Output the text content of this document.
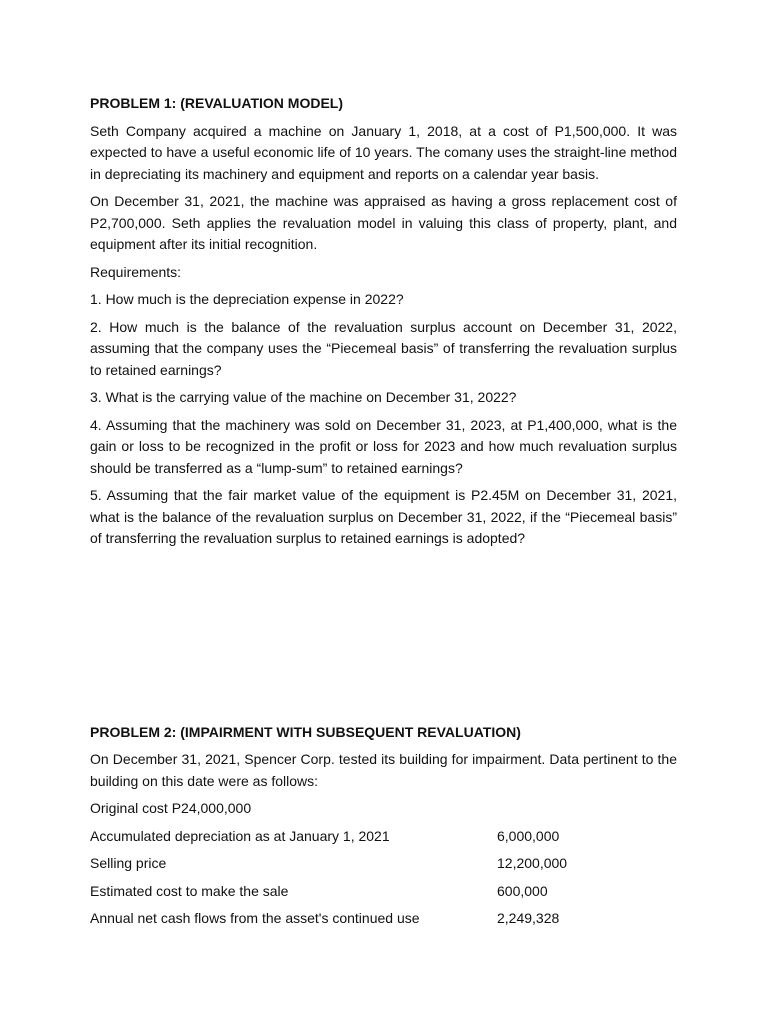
PROBLEM 1: (REVALUATION MODEL)

Seth Company acquired a machine on January 1, 2018, at a cost of P1,500,000. It was expected to have a useful economic life of 10 years. The comany uses the straight-line method in depreciating its machinery and equipment and reports on a calendar year basis.

On December 31, 2021, the machine was appraised as having a gross replacement cost of P2,700,000. Seth applies the revaluation model in valuing this class of property, plant, and equipment after its initial recognition.

Requirements:

1. How much is the depreciation expense in 2022?

2. How much is the balance of the revaluation surplus account on December 31, 2022, assuming that the company uses the “Piecemeal basis” of transferring the revaluation surplus to retained earnings?

3. What is the carrying value of the machine on December 31, 2022?

4. Assuming that the machinery was sold on December 31, 2023, at P1,400,000, what is the gain or loss to be recognized in the profit or loss for 2023 and how much revaluation surplus should be transferred as a “lump-sum” to retained earnings?

5. Assuming that the fair market value of the equipment is P2.45M on December 31, 2021, what is the balance of the revaluation surplus on December 31, 2022, if the “Piecemeal basis” of transferring the revaluation surplus to retained earnings is adopted?

PROBLEM 2: (IMPAIRMENT WITH SUBSEQUENT REVALUATION)

On December 31, 2021, Spencer Corp. tested its building for impairment. Data pertinent to the building on this date were as follows:

Original cost P24,000,000

Accumulated depreciation as at January 1, 2021	6,000,000
Selling price	12,200,000
Estimated cost to make the sale	600,000
Annual net cash flows from the asset's continued use	2,249,328
